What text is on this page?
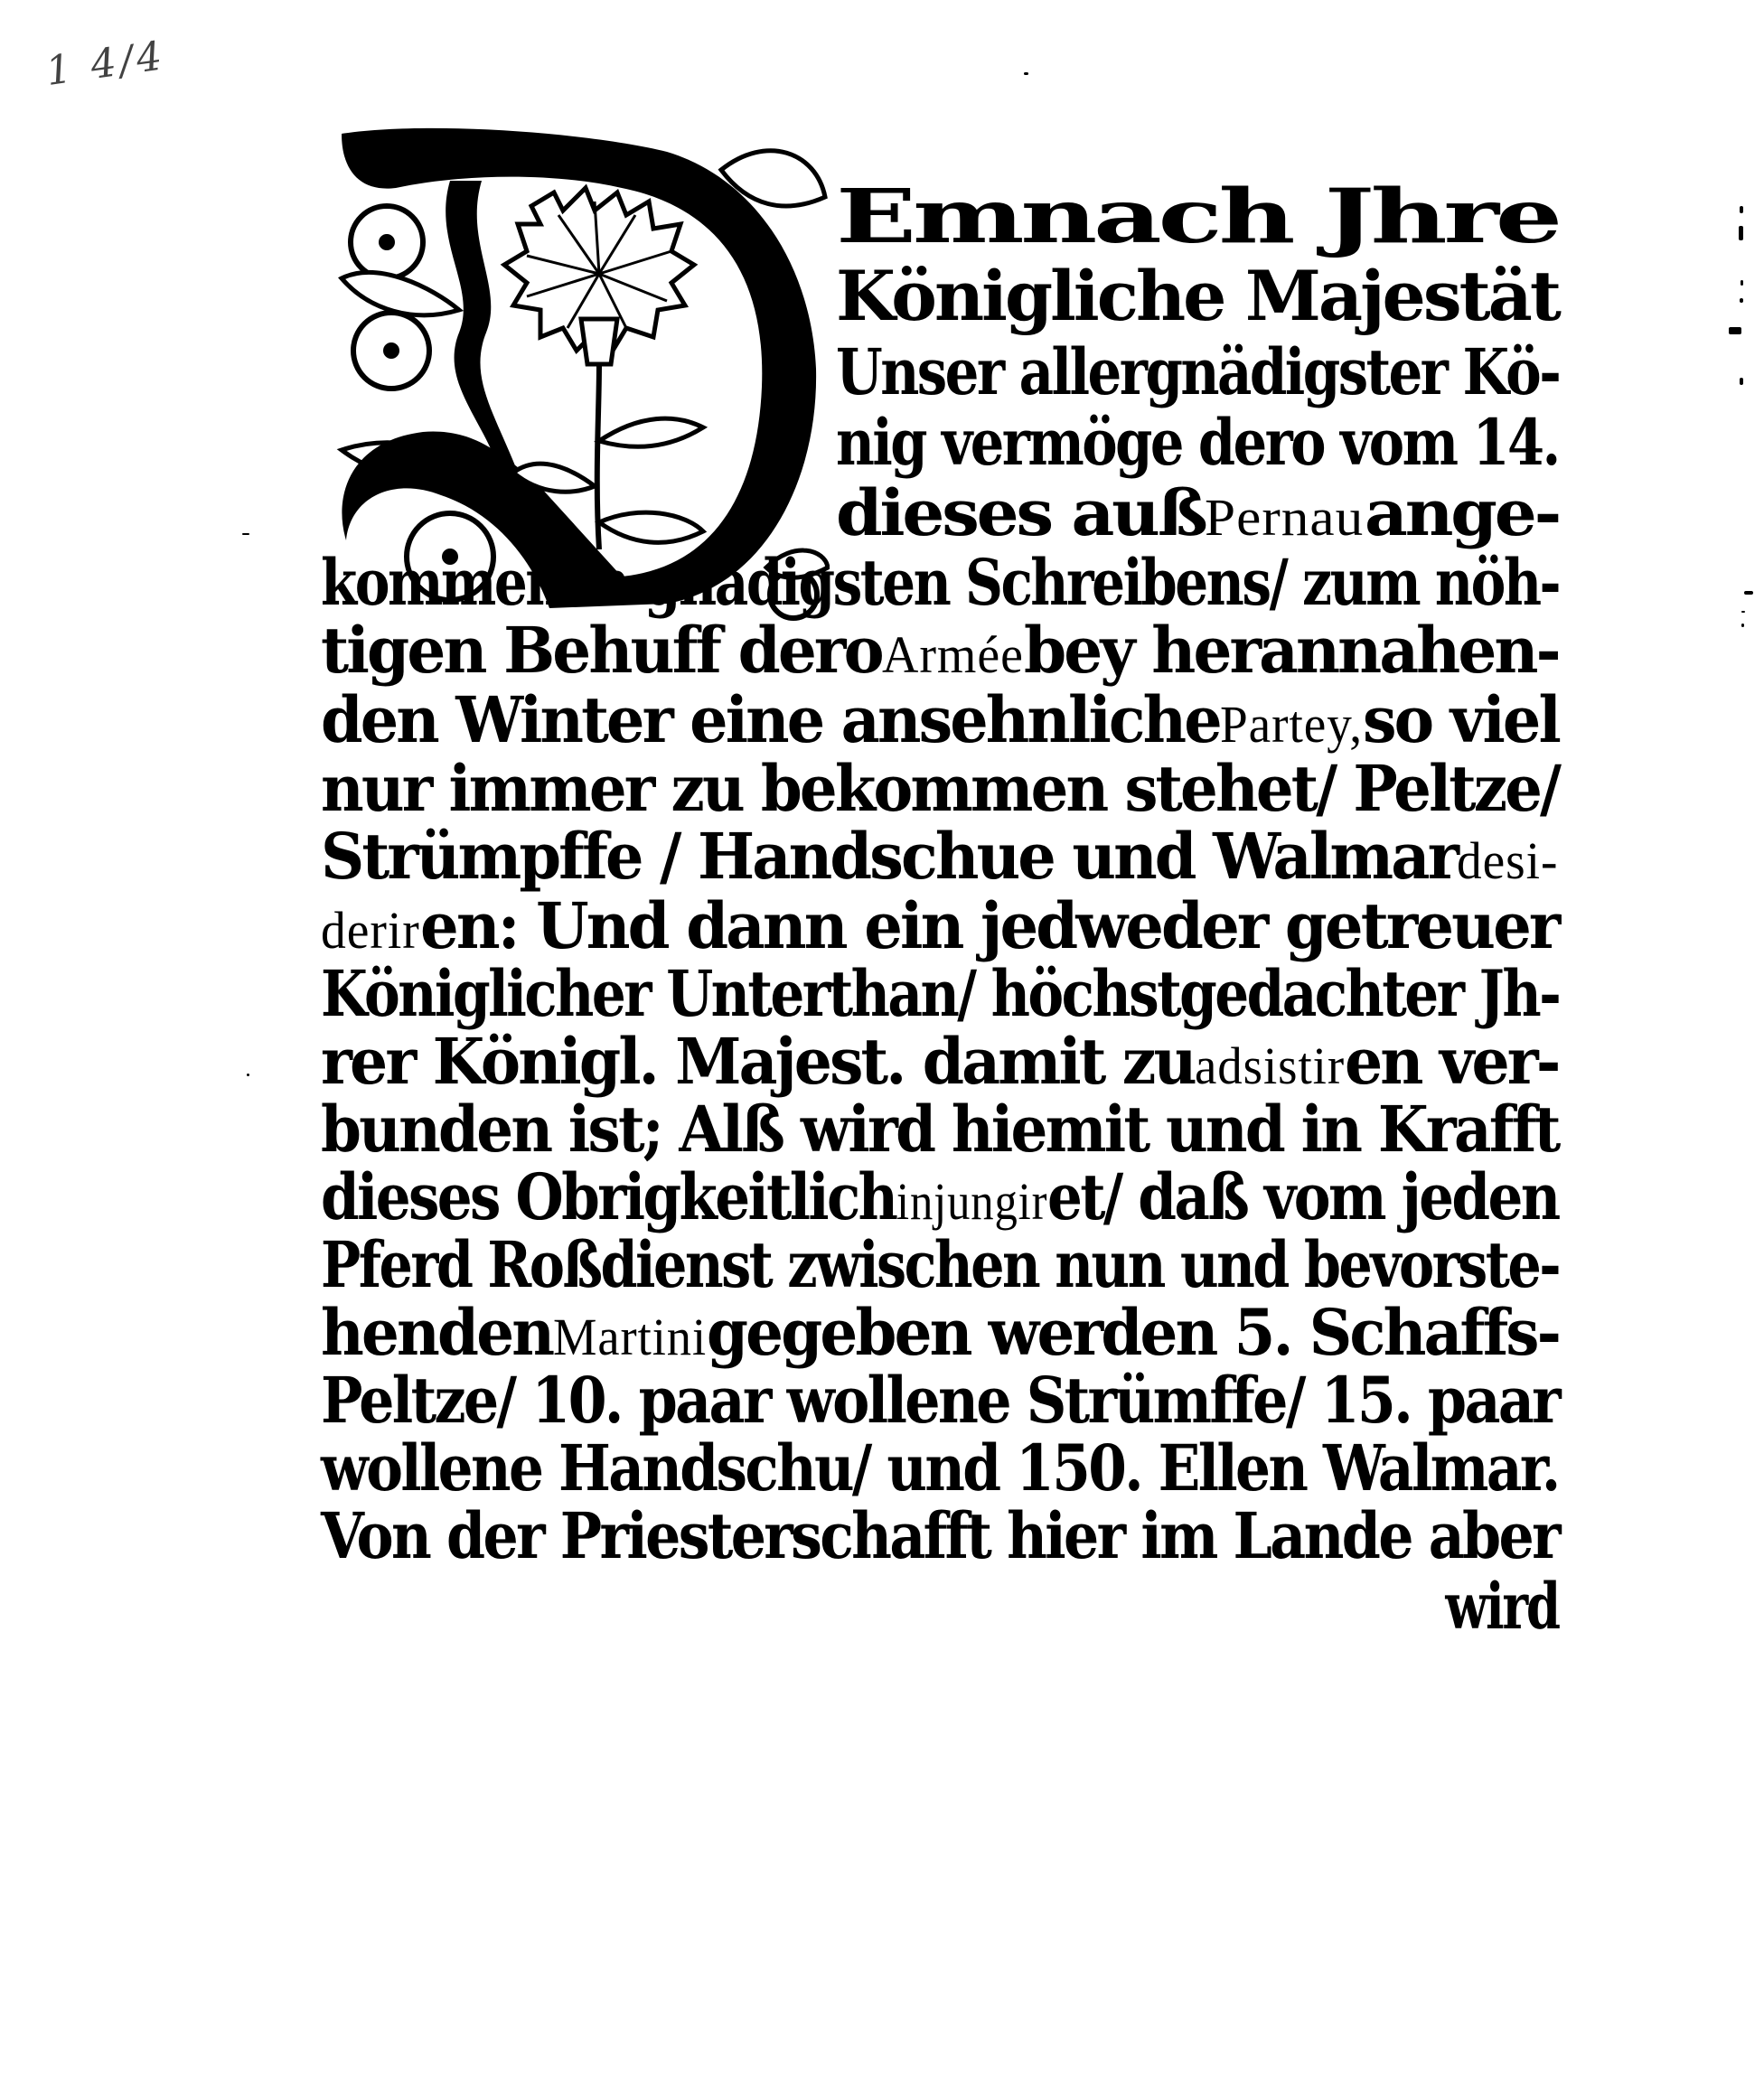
1 4/4
Emnach Jhre
Königliche Majestät
Unser allergnädigster Kö-
nig vermöge dero vom 14.
dieses auß Pernau ange-
kommenen gnädigsten Schreibens/ zum nöh-
tigen Behuff dero Armée bey herannahen-
den Winter eine ansehnliche Partey, so viel
nur immer zu bekommen stehet/ Peltze/
Strümpffe / Handschue und Walmar desi-
derir en: Und dann ein jedweder getreuer
Königlicher Unterthan/ höchstgedachter Jh-
rer Königl. Majest. damit zu adsistir en ver-
bunden ist; Alß wird hiemit und in Krafft
dieses Obrigkeitlich injungir et/ daß vom jeden
Pferd Roßdienst zwischen nun und bevorste-
henden Martini gegeben werden 5. Schaffs-
Peltze/ 10. paar wollene Strümffe/ 15. paar
wollene Handschu/ und 150. Ellen Walmar.
Von der Priesterschafft hier im Lande aber
wird
